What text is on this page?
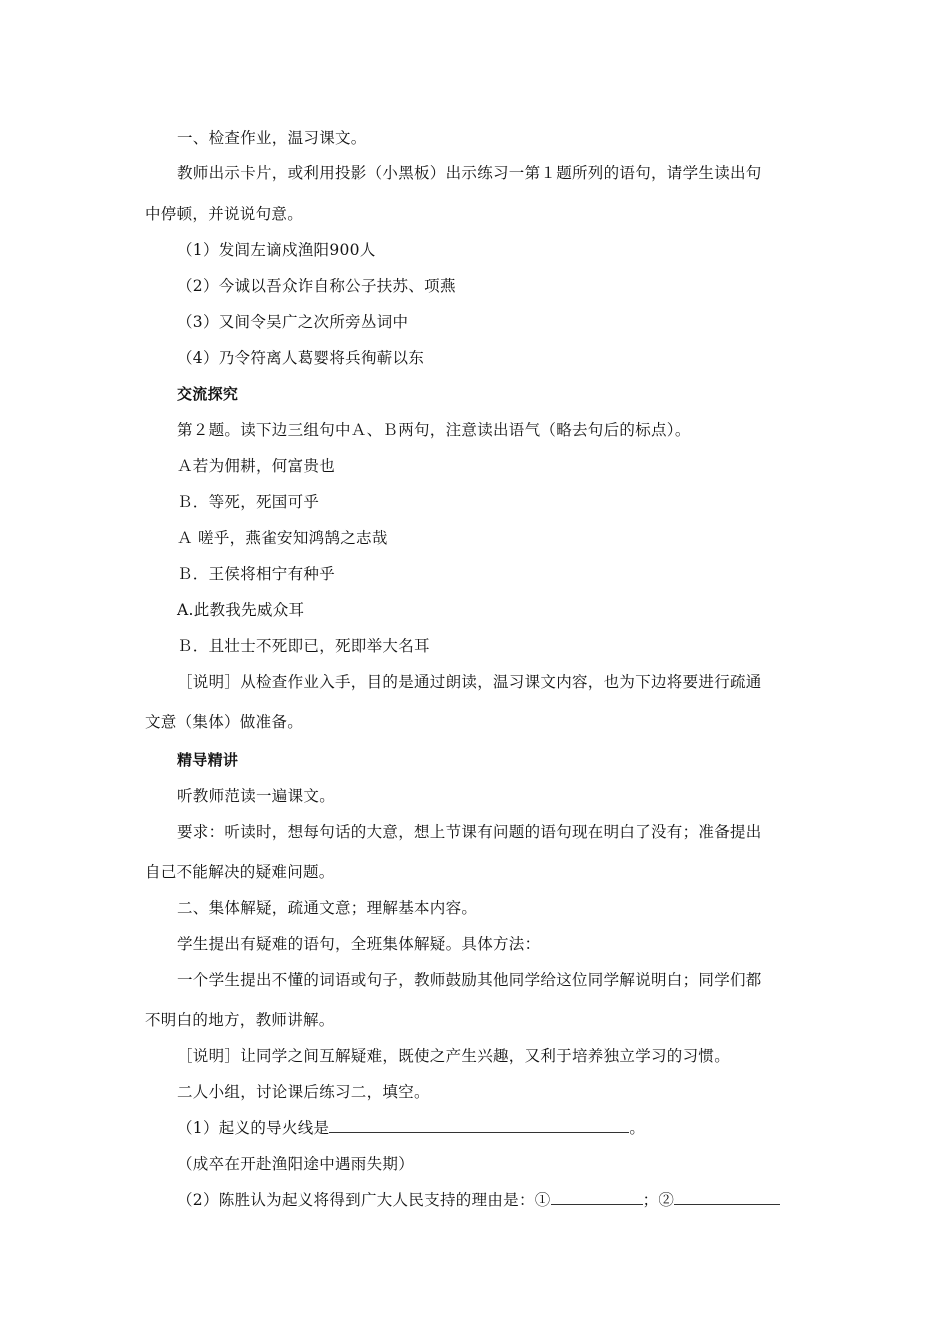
一、检查作业，温习课文。
教师出示卡片，或利用投影（小黑板）出示练习一第１题所列的语句，请学生读出句
中停顿，并说说句意。
（1）发闾左谪戍渔阳900人
（2）今诚以吾众诈自称公子扶苏、项燕
（3）又间令吴广之次所旁丛词中
（4）乃令符离人葛婴将兵徇蕲以东
交流探究
第２题。读下边三组句中Ａ、Ｂ两句，注意读出语气（略去句后的标点）。
Ａ若为佣耕，何富贵也
Ｂ．等死，死国可乎
Ａ 嗟乎，燕雀安知鸿鹄之志哉
Ｂ．王侯将相宁有种乎
A.此教我先威众耳
Ｂ．且壮士不死即已，死即举大名耳
［说明］从检查作业入手，目的是通过朗读，温习课文内容，也为下边将要进行疏通
文意（集体）做准备。
精导精讲
听教师范读一遍课文。
要求：听读时，想每句话的大意，想上节课有问题的语句现在明白了没有；准备提出
自己不能解决的疑难问题。
二、集体解疑，疏通文意；理解基本内容。
学生提出有疑难的语句，全班集体解疑。具体方法：
一个学生提出不懂的词语或句子，教师鼓励其他同学给这位同学解说明白；同学们都
不明白的地方，教师讲解。
［说明］让同学之间互解疑难，既使之产生兴趣，又利于培养独立学习的习惯。
二人小组，讨论课后练习二，填空。
（1）起义的导火线是	。
（成卒在开赴渔阳途中遇雨失期）
（2）陈胜认为起义将得到广大人民支持的理由是：①	；②
